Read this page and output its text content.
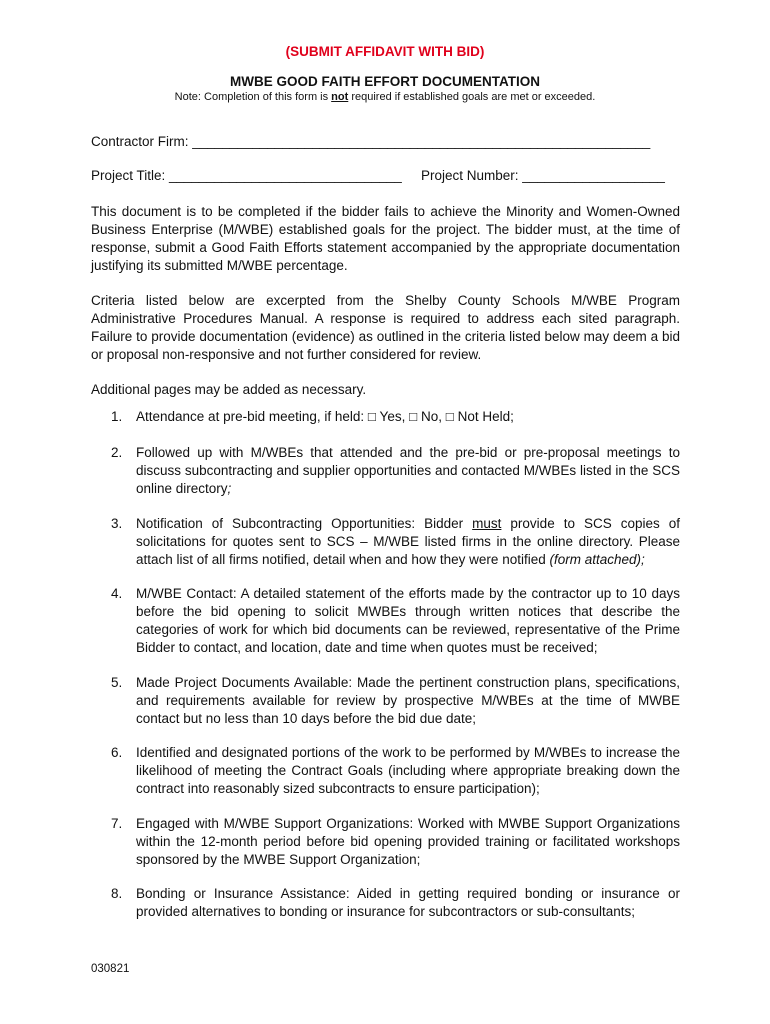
(SUBMIT AFFIDAVIT WITH BID)
MWBE GOOD FAITH EFFORT DOCUMENTATION
Note: Completion of this form is not required if established goals are met or exceeded.
Contractor Firm: _____________________________________________________________
Project Title: _______________________________ Project Number: ___________________
This document is to be completed if the bidder fails to achieve the Minority and Women-Owned Business Enterprise (M/WBE) established goals for the project. The bidder must, at the time of response, submit a Good Faith Efforts statement accompanied by the appropriate documentation justifying its submitted M/WBE percentage.
Criteria listed below are excerpted from the Shelby County Schools M/WBE Program Administrative Procedures Manual. A response is required to address each sited paragraph. Failure to provide documentation (evidence) as outlined in the criteria listed below may deem a bid or proposal non-responsive and not further considered for review.
Additional pages may be added as necessary.
1. Attendance at pre-bid meeting, if held: □ Yes, □ No, □ Not Held;
2. Followed up with M/WBEs that attended and the pre-bid or pre-proposal meetings to discuss subcontracting and supplier opportunities and contacted M/WBEs listed in the SCS online directory;
3. Notification of Subcontracting Opportunities: Bidder must provide to SCS copies of solicitations for quotes sent to SCS – M/WBE listed firms in the online directory. Please attach list of all firms notified, detail when and how they were notified (form attached);
4. M/WBE Contact: A detailed statement of the efforts made by the contractor up to 10 days before the bid opening to solicit MWBEs through written notices that describe the categories of work for which bid documents can be reviewed, representative of the Prime Bidder to contact, and location, date and time when quotes must be received;
5. Made Project Documents Available: Made the pertinent construction plans, specifications, and requirements available for review by prospective M/WBEs at the time of MWBE contact but no less than 10 days before the bid due date;
6. Identified and designated portions of the work to be performed by M/WBEs to increase the likelihood of meeting the Contract Goals (including where appropriate breaking down the contract into reasonably sized subcontracts to ensure participation);
7. Engaged with M/WBE Support Organizations: Worked with MWBE Support Organizations within the 12-month period before bid opening provided training or facilitated workshops sponsored by the MWBE Support Organization;
8. Bonding or Insurance Assistance: Aided in getting required bonding or insurance or provided alternatives to bonding or insurance for subcontractors or sub-consultants;
030821
